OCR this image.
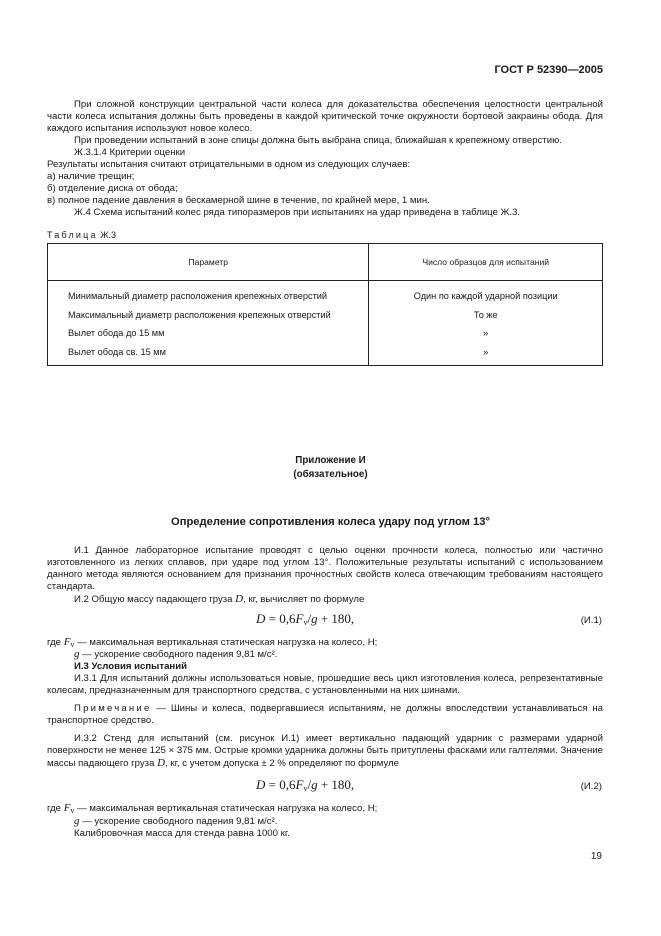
ГОСТ Р 52390—2005
При сложной конструкции центральной части колеса для доказательства обеспечения целостности центральной части колеса испытания должны быть проведены в каждой критической точке окружности бортовой закраины обода. Для каждого испытания используют новое колесо.
При проведении испытаний в зоне спицы должна быть выбрана спица, ближайшая к крепежному отверстию.
Ж.3.1.4 Критерии оценки
Результаты испытания считают отрицательными в одном из следующих случаев:
а) наличие трещин;
б) отделение диска от обода;
в) полное падение давления в бескамерной шине в течение, по крайней мере, 1 мин.
Ж.4 Схема испытаний колес ряда типоразмеров при испытаниях на удар приведена в таблице Ж.3.
Таблица Ж.3
Параметр	Число образцов для испытаний
Минимальный диаметр расположения крепежных отверстий	Один по каждой ударной позиции
Максимальный диаметр расположения крепежных отверстий	То же
Вылет обода до 15 мм	»
Вылет обода св. 15 мм	»
Приложение И
(обязательное)
Определение сопротивления колеса удару под углом 13°
И.1 Данное лабораторное испытание проводят с целью оценки прочности колеса, полностью или частично изготовленного из легких сплавов, при ударе под углом 13°. Положительные результаты испытаний с использованием данного метода являются основанием для признания прочностных свойств колеса отвечающим требованиям настоящего стандарта.
И.2 Общую массу падающего груза D, кг, вычисляет по формуле
$D = 0,6F_v/g + 180$,	(И.1)
где $F_v$ — максимальная вертикальная статическая нагрузка на колесо, Н;
g — ускорение свободного падения 9,81 м/с².
И.3 Условия испытаний
И.3.1 Для испытаний должны использоваться новые, прошедшие весь цикл изготовления колеса, репрезентативные колесам, предназначенным для транспортного средства, с установленными на них шинами.
Примечание — Шины и колеса, подвергавшиеся испытаниям, не должны впоследствии устанавливаться на транспортное средство.
И.3.2 Стенд для испытаний (см. рисунок И.1) имеет вертикально падающий ударник с размерами ударной поверхности не менее 125 × 375 мм. Острые кромки ударника должны быть притуплены фасками или галтелями. Значение массы падающего груза D, кг, с учетом допуска ± 2 % определяют по формуле
$D = 0,6F_v/g + 180$,	(И.2)
где $F_v$ — максимальная вертикальная статическая нагрузка на колесо, Н;
g — ускорение свободного падения 9,81 м/с².
Калибровочная масса для стенда равна 1000 кг.
19
